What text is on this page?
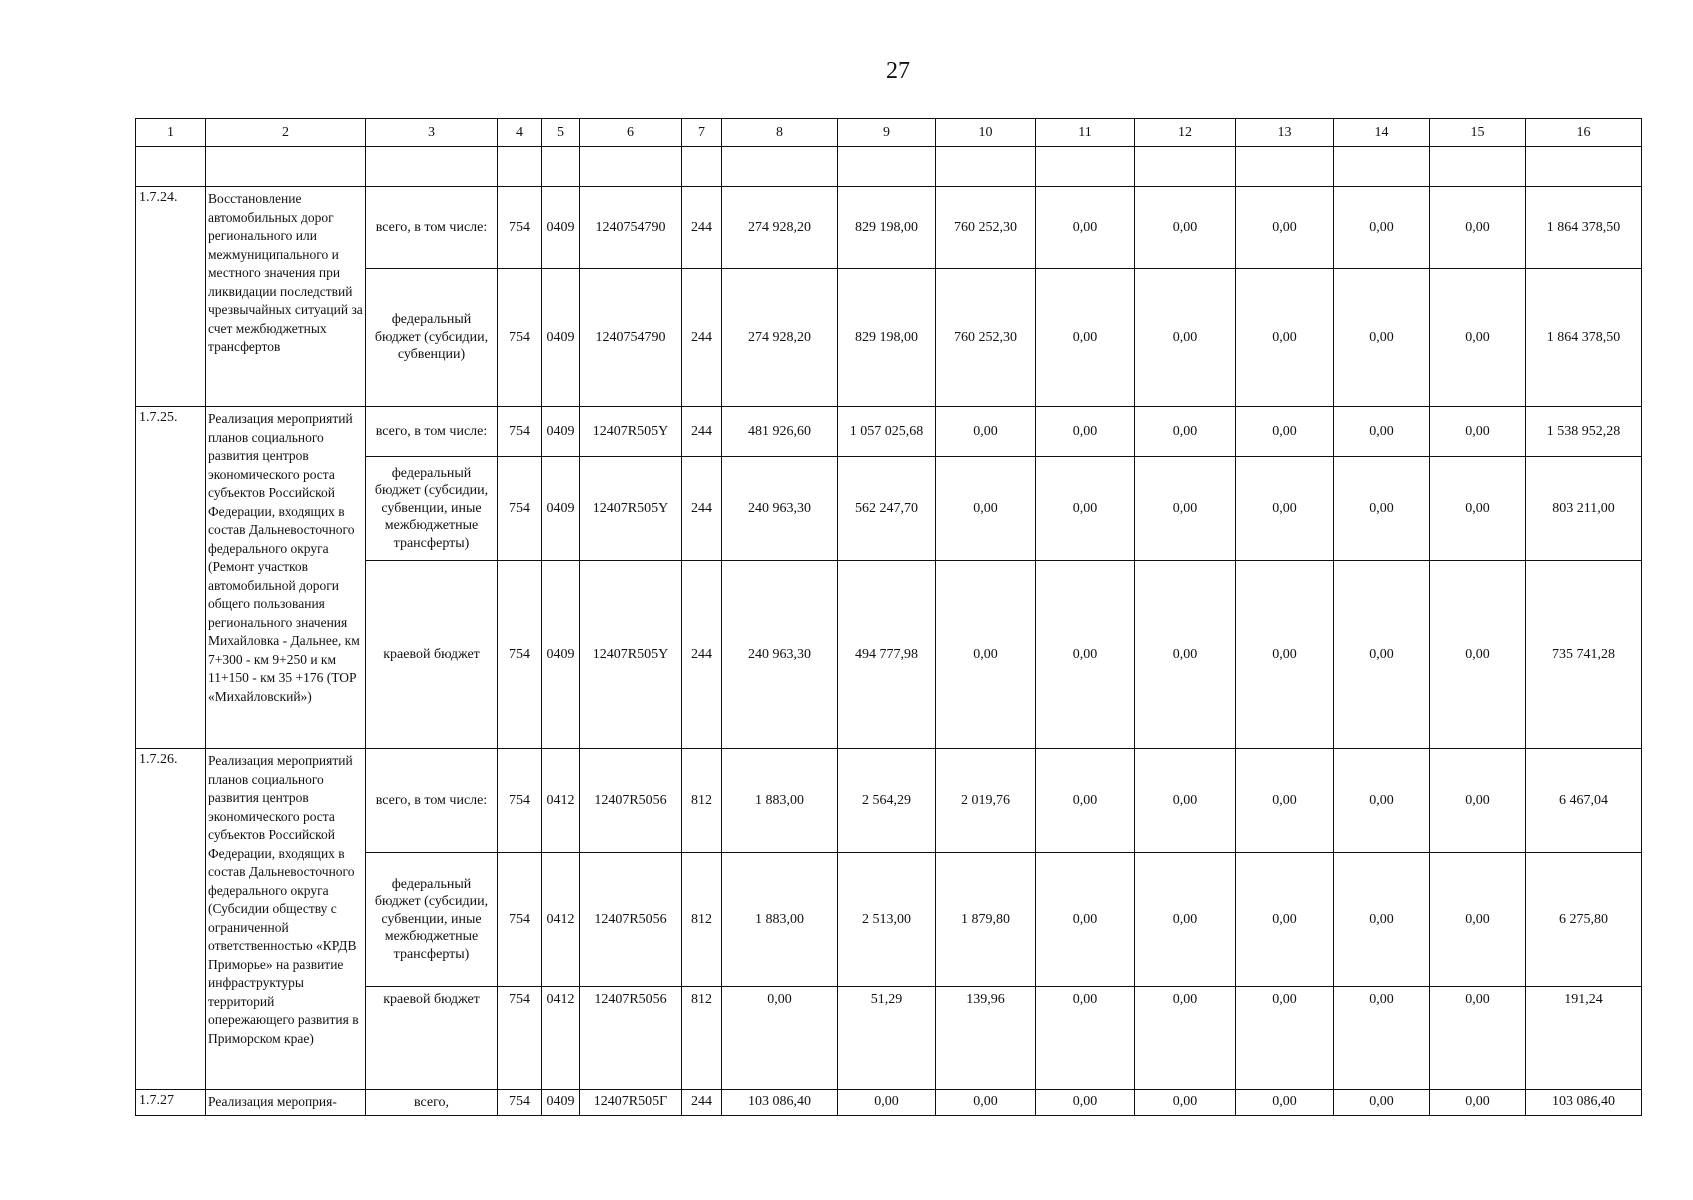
27
1	2	3	4	5	6	7	8	9	10	11	12	13	14	15	16

1.7.24.	Восстановление автомобильных дорог регионального или межмуниципального и местного значения при ликвидации последствий чрезвычайных ситуаций за счет межбюджетных трансфертов	всего, в том числе:	754	0409	1240754790	244	274 928,20	829 198,00	760 252,30	0,00	0,00	0,00	0,00	0,00	1 864 378,50
		федеральный бюджет (субсидии, субвенции)	754	0409	1240754790	244	274 928,20	829 198,00	760 252,30	0,00	0,00	0,00	0,00	0,00	1 864 378,50
1.7.25.	Реализация мероприятий планов социального развития центров экономического роста субъектов Российской Федерации, входящих в состав Дальневосточного федерального округа (Ремонт участков автомобильной дороги общего пользования регионального значения Михайловка - Дальнее, км 7+300 - км 9+250 и км 11+150 - км 35 +176 (ТОР «Михайловский»)	всего, в том числе:	754	0409	12407R505Y	244	481 926,60	1 057 025,68	0,00	0,00	0,00	0,00	0,00	0,00	1 538 952,28
		федеральный бюджет (субсидии, субвенции, иные межбюджетные трансферты)	754	0409	12407R505Y	244	240 963,30	562 247,70	0,00	0,00	0,00	0,00	0,00	0,00	803 211,00
		краевой бюджет	754	0409	12407R505Y	244	240 963,30	494 777,98	0,00	0,00	0,00	0,00	0,00	0,00	735 741,28
1.7.26.	Реализация мероприятий планов социального развития центров экономического роста субъектов Российской Федерации, входящих в состав Дальневосточного федерального округа (Субсидии обществу с ограниченной ответственностью «КРДВ Приморье» на развитие инфраструктуры территорий опережающего развития в Приморском крае)	всего, в том числе:	754	0412	12407R5056	812	1 883,00	2 564,29	2 019,76	0,00	0,00	0,00	0,00	0,00	6 467,04
		федеральный бюджет (субсидии, субвенции, иные межбюджетные трансферты)	754	0412	12407R5056	812	1 883,00	2 513,00	1 879,80	0,00	0,00	0,00	0,00	0,00	6 275,80
		краевой бюджет	754	0412	12407R5056	812	0,00	51,29	139,96	0,00	0,00	0,00	0,00	0,00	191,24
1.7.27	Реализация мероприя-	всего,	754	0409	12407R505Г	244	103 086,40	0,00	0,00	0,00	0,00	0,00	0,00	0,00	103 086,40
